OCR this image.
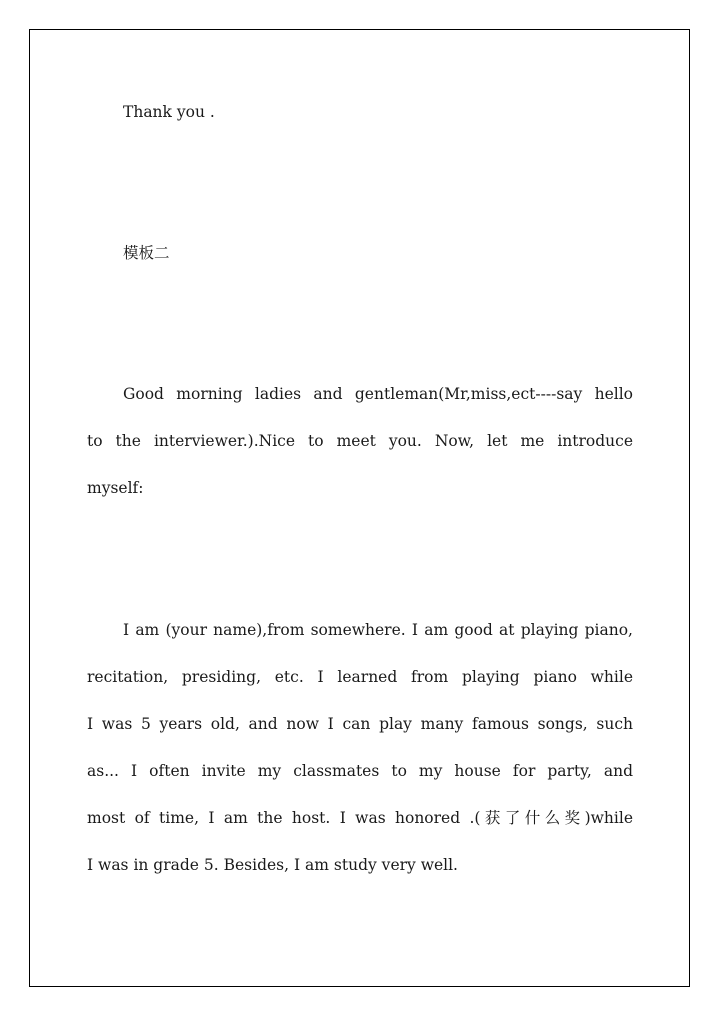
Thank you .
模板二
Good morning ladies and gentleman(Mr,miss,ect----say hello
to the interviewer.).Nice to meet you. Now, let me introduce
myself:
I am (your name),from somewhere. I am good at playing piano,
recitation, presiding, etc. I learned from playing piano while
I was 5 years old, and now I can play many famous songs, such
as... I often invite my classmates to my house for party, and
most of time, I am the host. I was honored .(获了什么奖)while
I was in grade 5. Besides, I am study very well.
